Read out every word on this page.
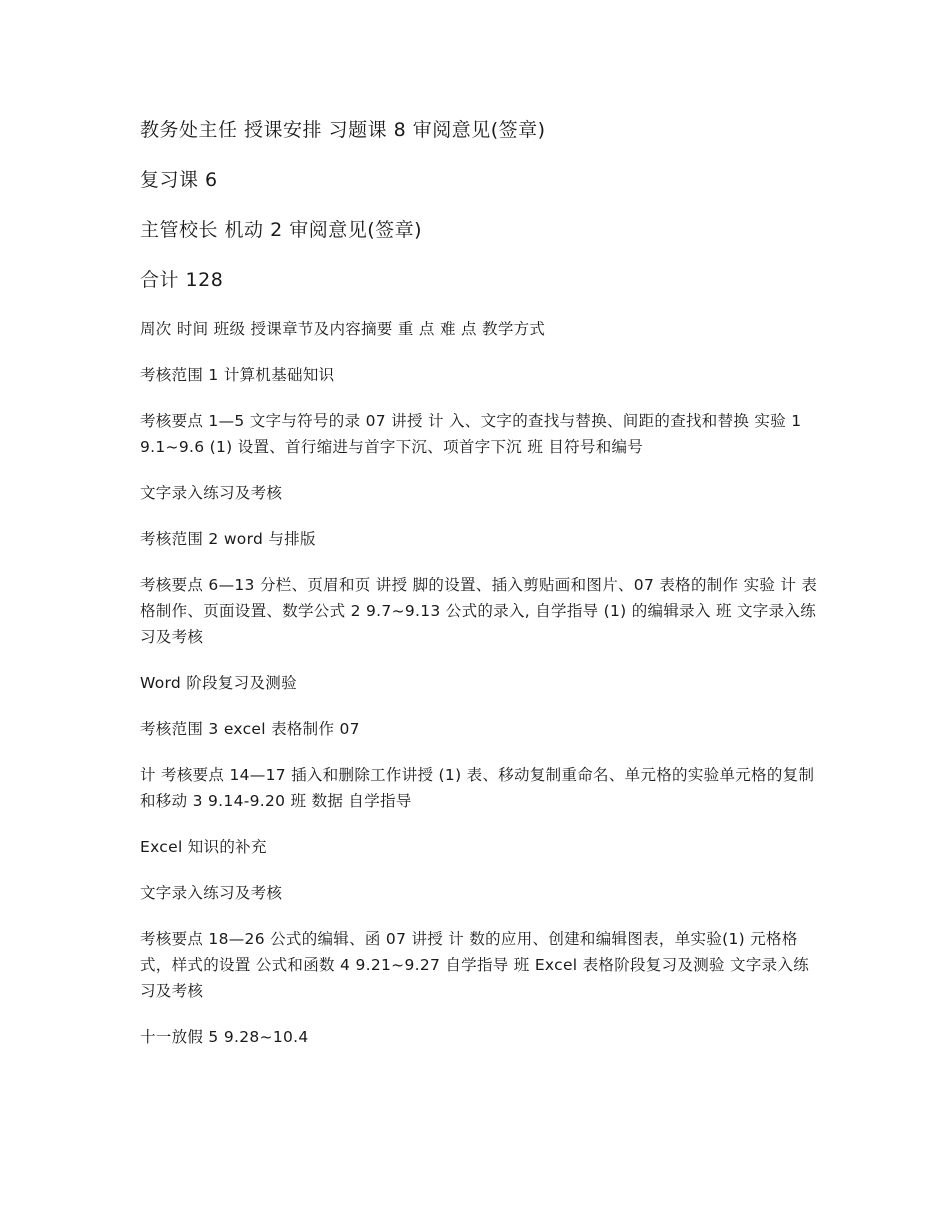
教务处主任 授课安排 习题课 8 审阅意见(签章)

复习课 6

主管校长 机动 2 审阅意见(签章)

合计 128

周次 时间 班级 授课章节及内容摘要 重 点 难 点 教学方式

考核范围 1 计算机基础知识

考核要点 1—5 文字与符号的录 07 讲授 计 入、文字的查找与替换、间距的查找和替换 实验 1 9.1~9.6 (1) 设置、首行缩进与首字下沉、项首字下沉 班 目符号和编号

文字录入练习及考核

考核范围 2 word 与排版

考核要点 6—13 分栏、页眉和页 讲授 脚的设置、插入剪贴画和图片、07 表格的制作 实验 计 表格制作、页面设置、数学公式 2 9.7~9.13 公式的录入, 自学指导 (1) 的编辑录入 班 文字录入练习及考核

Word 阶段复习及测验

考核范围 3 excel 表格制作 07

计 考核要点 14—17 插入和删除工作讲授 (1) 表、移动复制重命名、单元格的实验单元格的复制和移动 3 9.14-9.20 班 数据 自学指导

Excel 知识的补充

文字录入练习及考核

考核要点 18—26 公式的编辑、函 07 讲授 计 数的应用、创建和编辑图表，单实验(1) 元格格式，样式的设置 公式和函数 4 9.21~9.27 自学指导 班 Excel 表格阶段复习及测验 文字录入练习及考核

十一放假 5 9.28~10.4
